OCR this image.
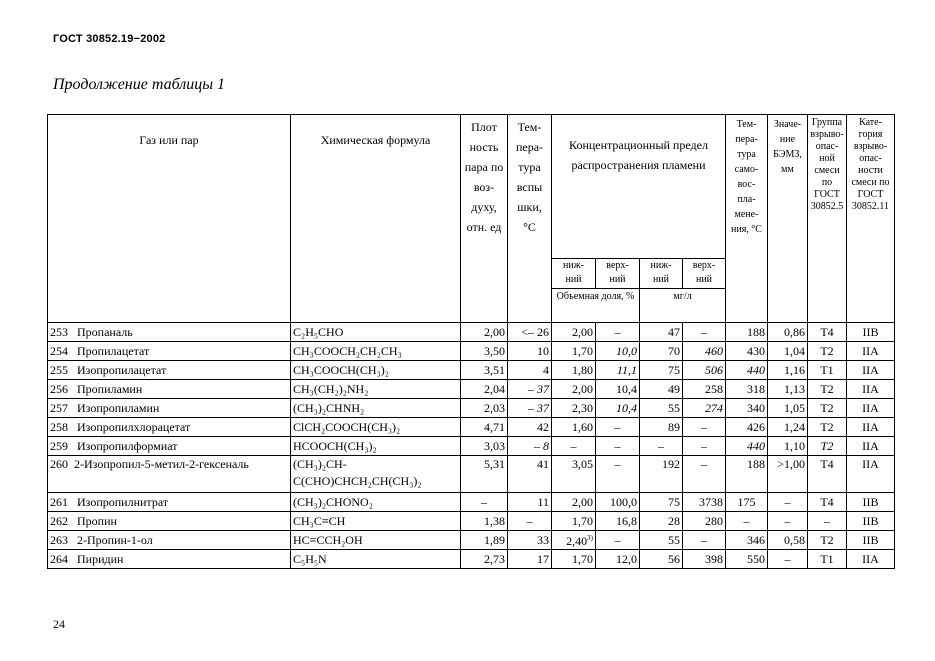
ГОСТ 30852.19−2002
Продолжение таблицы 1
Газ или пар	Химическая формула	Плот ность пара по воз- духу, отн. ед	Тем- пера- тура вспы шки, °С	Концентрационный предел распространения пламени				Тем- пера- тура само- вос- пла- мене- ния, °С	Значе- ние БЭМЗ, мм	Группа взрыво- опас- ной смеси по ГОСТ 30852.5	Кате- гория взрыво- опас- ности смеси по ГОСТ 30852.11
				ниж- ний	верх- ний	ниж- ний	верх- ний				
				Объемная доля, %		мг/л					
253 Пропаналь	C₂H₅CHO	2,00	<– 26	2,00	–	47	–	188	0,86	T4	IIB
254 Пропилацетат	CH₃COOCH₂CH₂CH₃	3,50	10	1,70	10,0	70	460	430	1,04	T2	IIA
255 Изопропилацетат	CH₃COOCH(CH₃)₂	3,51	4	1,80	11,1	75	506	440	1,16	T1	IIA
256 Пропиламин	CH₃(CH₂)₂NH₂	2,04	– 37	2,00	10,4	49	258	318	1,13	T2	IIA
257 Изопропиламин	(CH₃)₂CHNH₂	2,03	– 37	2,30	10,4	55	274	340	1,05	T2	IIA
258 Изопропилхлорацетат	ClCH₂COOCH(CH₃)₂	4,71	42	1,60	–	89	–	426	1,24	T2	IIA
259 Изопропилформиат	HCOOCH(CH₃)₂	3,03	– 8	–	–	–	–	440	1,10	T2	IIA
260 2-Изопропил-5-метил-2-гексеналь	(CH₃)₂CH-
C(CHO)CHCH₂CH(CH₃)₂	5,31	41	3,05	–	192	–	188	>1,00	T4	IIA
261 Изопропилнитрат	(CH₃)₂CHONO₂	–	11	2,00	100,0	75	3738	175	–	T4	IIB
262 Пропин	CH₃C≡CH	1,38	–	1,70	16,8	28	280	–	–	–	IIB
263 2-Пропин-1-ол	HC≡CCH₂OH	1,89	33	2,40$^{3)}$	–	55	–	346	0,58	T2	IIB
264 Пиридин	C₅H₅N	2,73	17	1,70	12,0	56	398	550	–	T1	IIA
24
